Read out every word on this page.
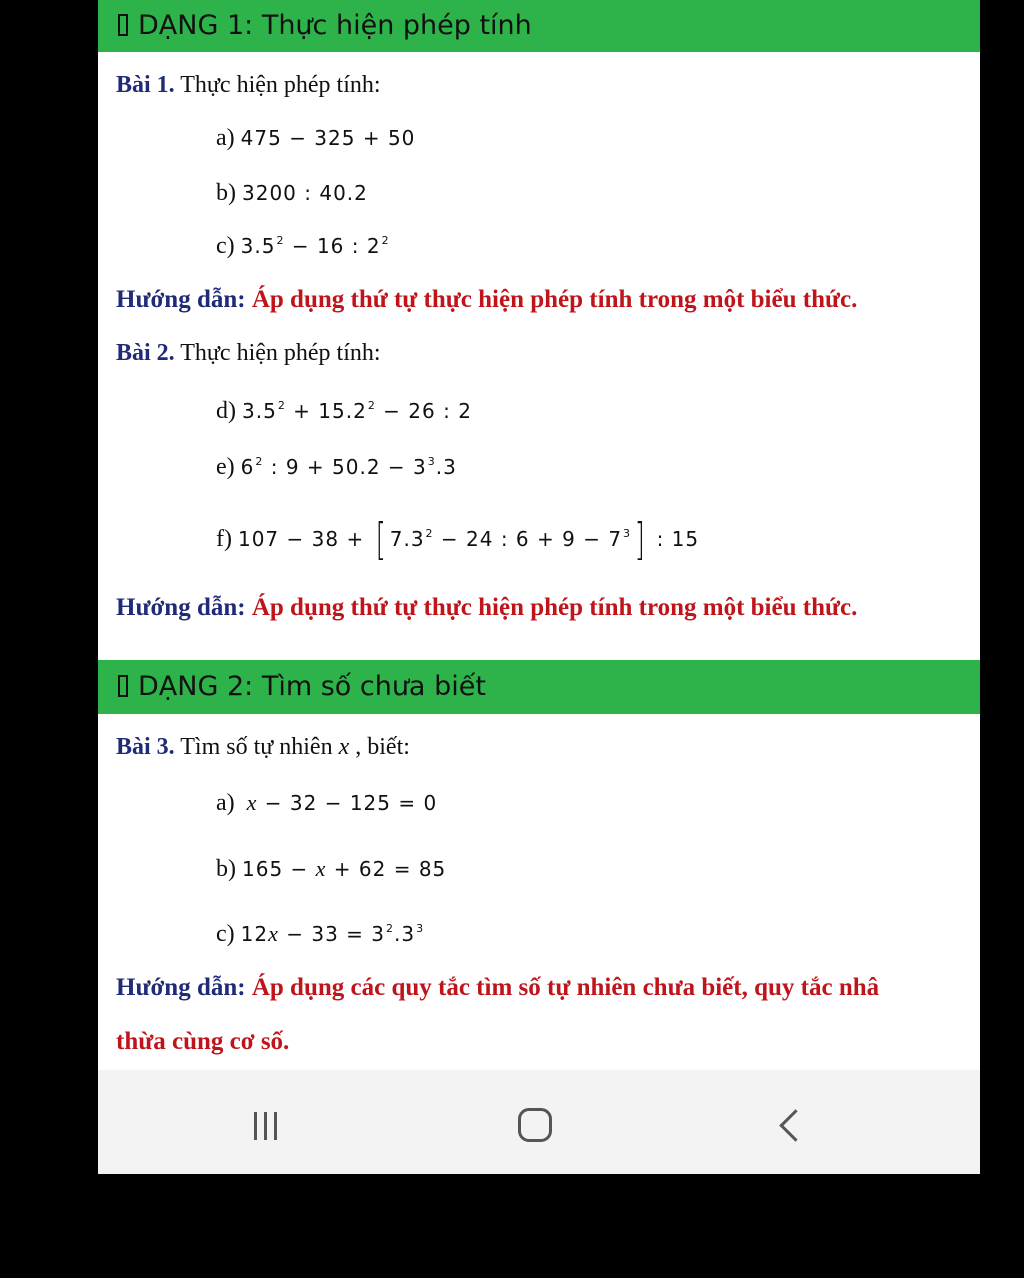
DẠNG 1: Thực hiện phép tính
Bài 1. Thực hiện phép tính:
a) 475 − 325 + 50
b) 3200 : 40.2
c) $3.5^2 - 16$ : $2^2$
Hướng dẫn: Áp dụng thứ tự thực hiện phép tính trong một biểu thức.
Bài 2. Thực hiện phép tính:
d) $3.5^2 + 15.2^2 - 26$ : 2
e) $6^2$ : $9 + 50.2 - 3^3.3$
f) 107 − 38 + [ $7.3^2 - 24$ : $6 + 9 - 7^3$] : 15
Hướng dẫn: Áp dụng thứ tự thực hiện phép tính trong một biểu thức.
DẠNG 2: Tìm số chưa biết
Bài 3. Tìm số tự nhiên x , biết:
a) x − 32 − 125 = 0
b) 165 − x + 62 = 85
c) $12x - 33 = 3^2.3^3$
Hướng dẫn: Áp dụng các quy tắc tìm số tự nhiên chưa biết, quy tắc nhâ
thừa cùng cơ số.
